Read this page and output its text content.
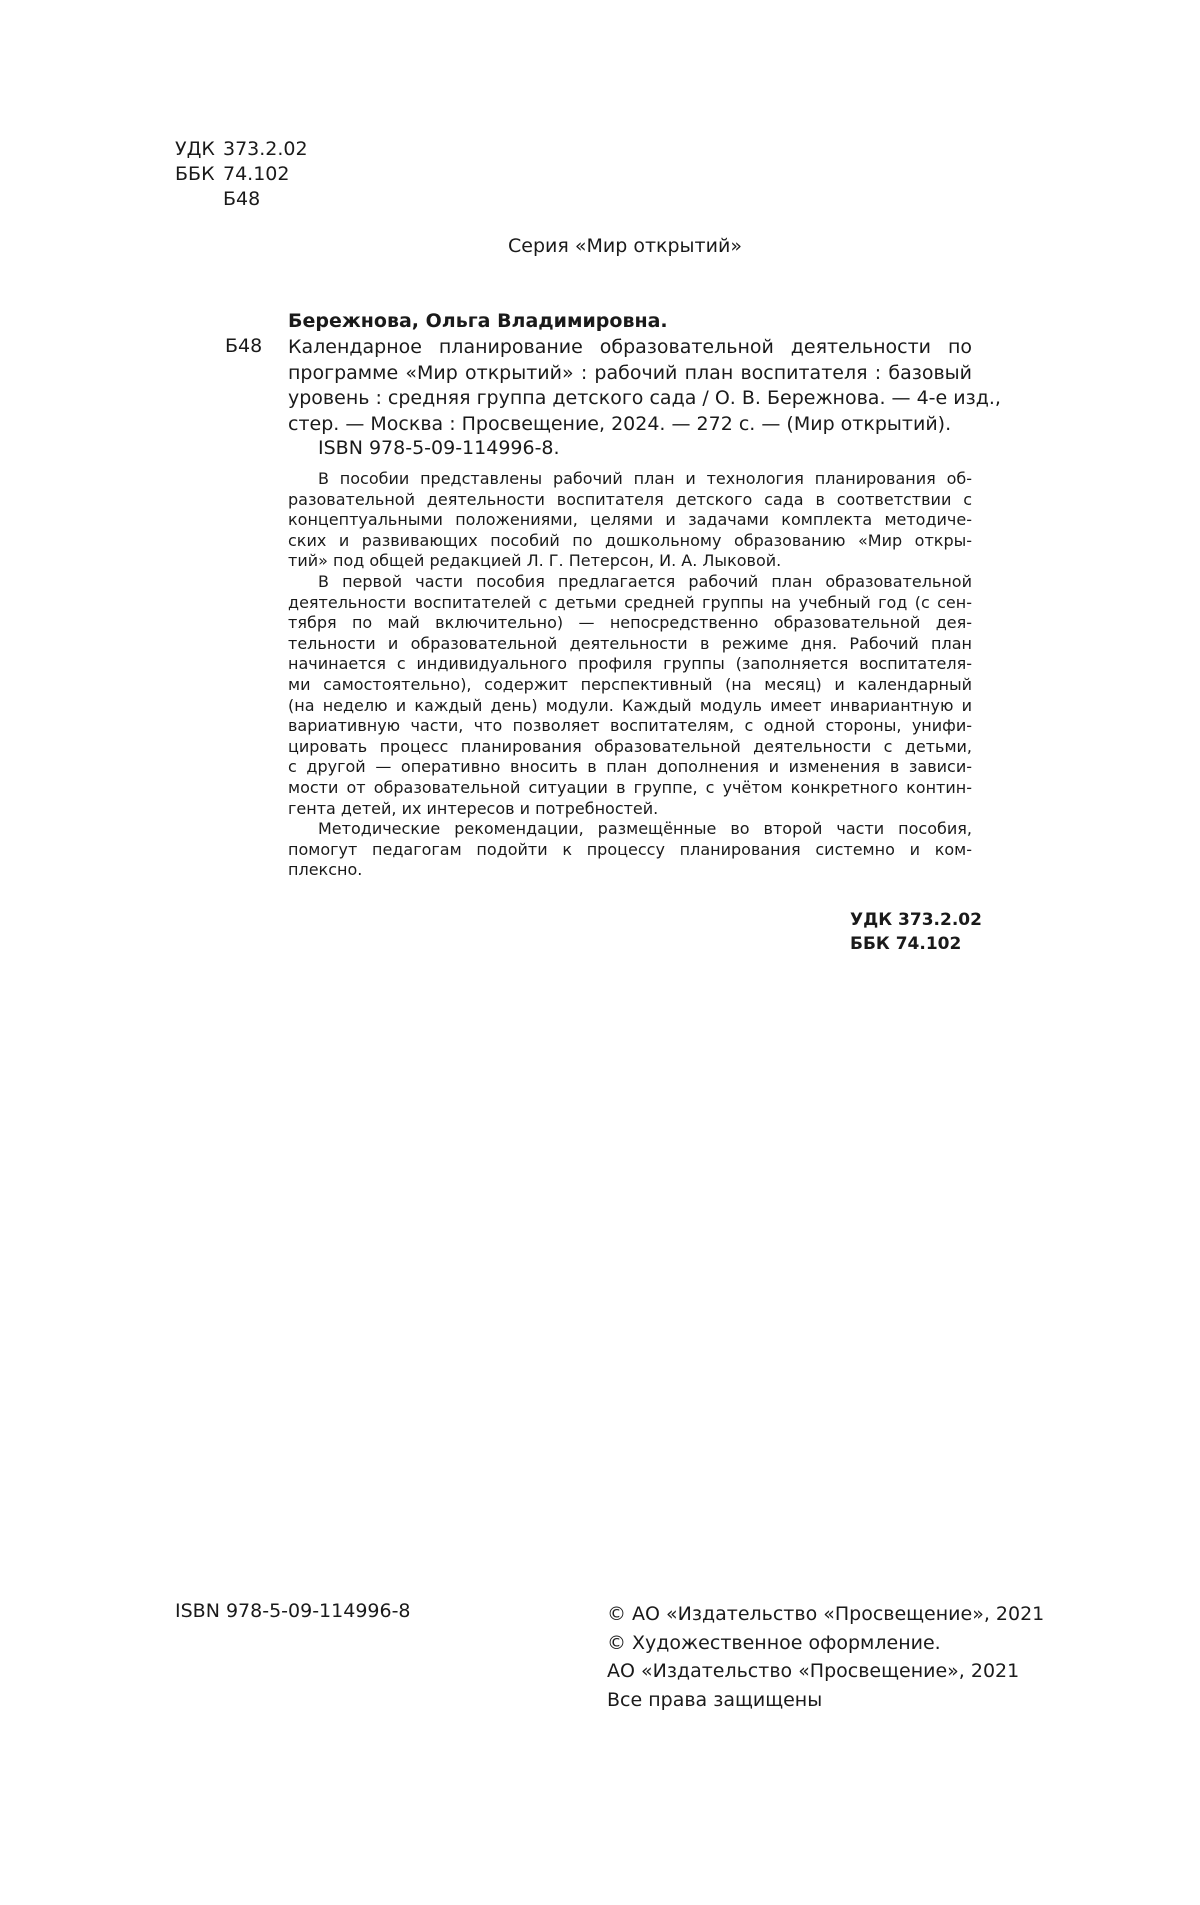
УДК 373.2.02
ББК 74.102
Б48
Серия «Мир открытий»
Бережнова, Ольга Владимировна.
Б48 Календарное планирование образовательной деятельности по
программе «Мир открытий» : рабочий план воспитателя : базовый
уровень : средняя группа детского сада / О. В. Бережнова. — 4-е изд.,
стер. — Москва : Просвещение, 2024. — 272 с. — (Мир открытий).
ISBN 978-5-09-114996-8.
В пособии представлены рабочий план и технология планирования об-
разовательной деятельности воспитателя детского сада в соответствии с
концептуальными положениями, целями и задачами комплекта методиче-
ских и развивающих пособий по дошкольному образованию «Мир откры-
тий» под общей редакцией Л. Г. Петерсон, И. А. Лыковой.
В первой части пособия предлагается рабочий план образовательной
деятельности воспитателей с детьми средней группы на учебный год (с сен-
тября по май включительно) — непосредственно образовательной дея-
тельности и образовательной деятельности в режиме дня. Рабочий план
начинается с индивидуального профиля группы (заполняется воспитателя-
ми самостоятельно), содержит перспективный (на месяц) и календарный
(на неделю и каждый день) модули. Каждый модуль имеет инвариантную и
вариативную части, что позволяет воспитателям, с одной стороны, унифи-
цировать процесс планирования образовательной деятельности с детьми,
с другой — оперативно вносить в план дополнения и изменения в зависи-
мости от образовательной ситуации в группе, с учётом конкретного контин-
гента детей, их интересов и потребностей.
Методические рекомендации, размещённые во второй части пособия,
помогут педагогам подойти к процессу планирования системно и ком-
плексно.
УДК 373.2.02
ББК 74.102
ISBN 978-5-09-114996-8	© АО «Издательство «Просвещение», 2021
© Художественное оформление.
АО «Издательство «Просвещение», 2021
Все права защищены
